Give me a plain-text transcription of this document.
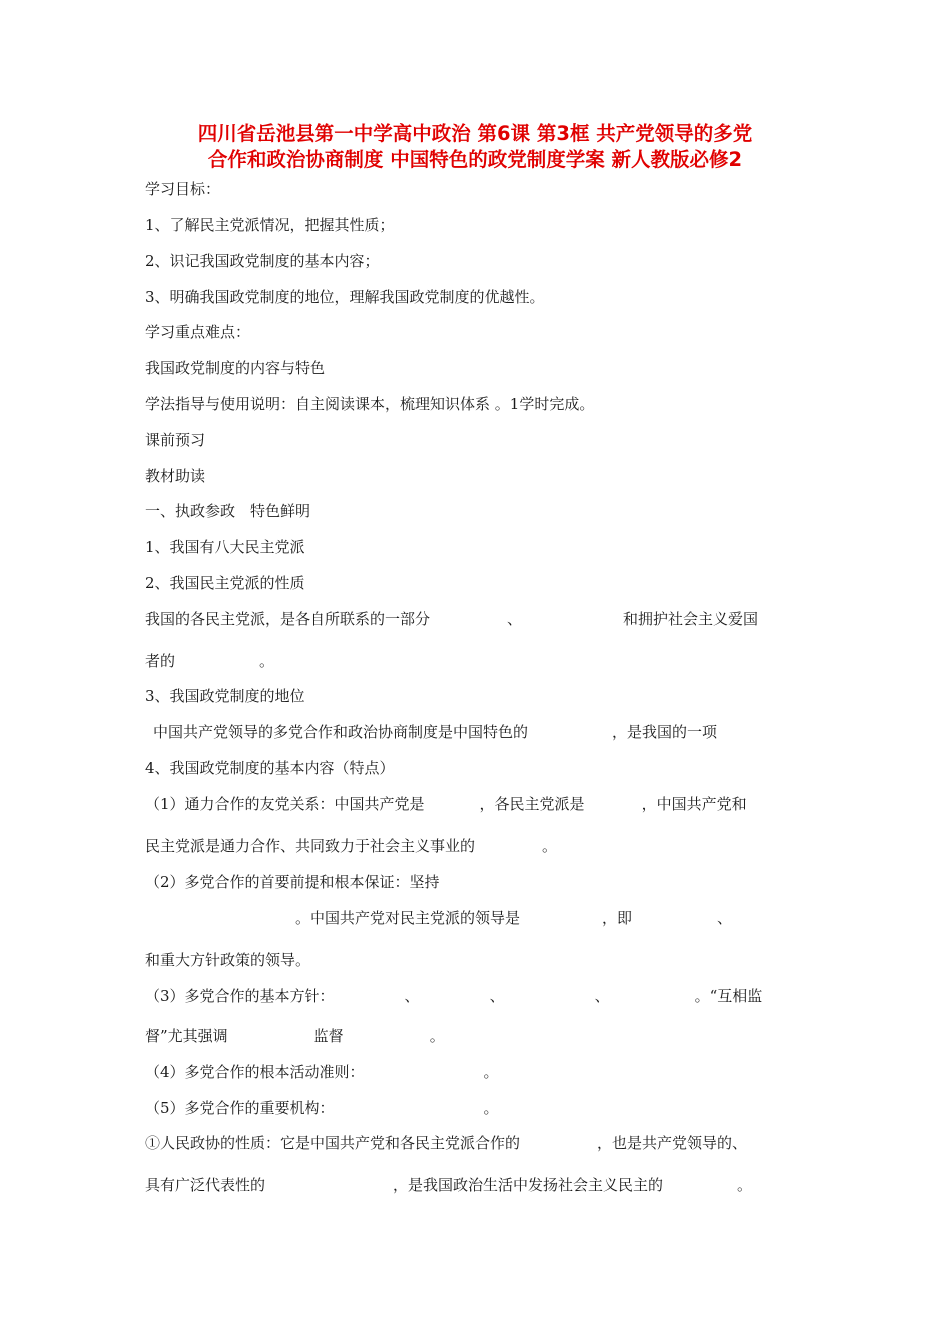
四川省岳池县第一中学高中政治 第6课 第3框 共产党领导的多党
合作和政治协商制度 中国特色的政党制度学案 新人教版必修2
学习目标：
1、了解民主党派情况，把握其性质；
2、识记我国政党制度的基本内容；
3、明确我国政党制度的地位，理解我国政党制度的优越性。
学习重点难点：
我国政党制度的内容与特色
学法指导与使用说明：自主阅读课本，梳理知识体系 。1学时完成。
课前预习
教材助读
一、执政参政　特色鲜明
1、我国有八大民主党派
2、我国民主党派的性质
我国的各民主党派，是各自所联系的一部分	、	和拥护社会主义爱国
者的	。
3、我国政党制度的地位
中国共产党领导的多党合作和政治协商制度是中国特色的	，是我国的一项
4、我国政党制度的基本内容（特点）
（1）通力合作的友党关系：中国共产党是	，各民主党派是	，中国共产党和
民主党派是通力合作、共同致力于社会主义事业的	。
（2）多党合作的首要前提和根本保证：坚持
。中国共产党对民主党派的领导是	，即	、
和重大方针政策的领导。
（3）多党合作的基本方针：	、	、	、	。“互相监
督”尤其强调	监督	。
（4）多党合作的根本活动准则：	。
（5）多党合作的重要机构：	。
①人民政协的性质：它是中国共产党和各民主党派合作的	，也是共产党领导的、
具有广泛代表性的	，是我国政治生活中发扬社会主义民主的	。
